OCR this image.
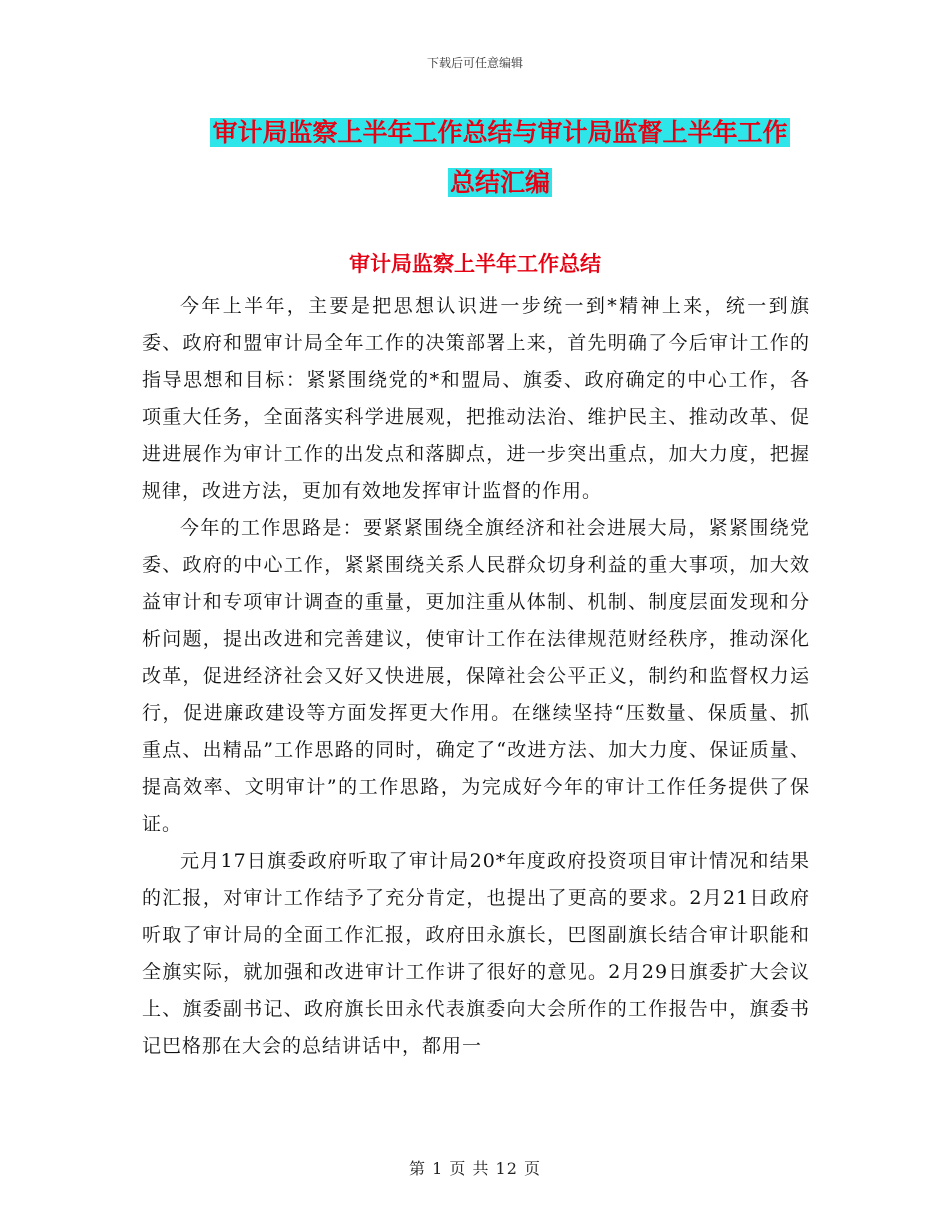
下载后可任意编辑
审计局监察上半年工作总结与审计局监督上半年工作
总结汇编
审计局监察上半年工作总结

今年上半年，主要是把思想认识进一步统一到*精神上来，统一到旗委、政府和盟审计局全年工作的决策部署上来，首先明确了今后审计工作的指导思想和目标：紧紧围绕党的*和盟局、旗委、政府确定的中心工作，各项重大任务，全面落实科学进展观，把推动法治、维护民主、推动改革、促进进展作为审计工作的出发点和落脚点，进一步突出重点，加大力度，把握规律，改进方法，更加有效地发挥审计监督的作用。

今年的工作思路是：要紧紧围绕全旗经济和社会进展大局，紧紧围绕党委、政府的中心工作，紧紧围绕关系人民群众切身利益的重大事项，加大效益审计和专项审计调查的重量，更加注重从体制、机制、制度层面发现和分析问题，提出改进和完善建议，使审计工作在法律规范财经秩序，推动深化改革，促进经济社会又好又快进展，保障社会公平正义，制约和监督权力运行，促进廉政建设等方面发挥更大作用。在继续坚持“压数量、保质量、抓重点、出精品”工作思路的同时，确定了“改进方法、加大力度、保证质量、提高效率、文明审计”的工作思路，为完成好今年的审计工作任务提供了保证。

元月17日旗委政府听取了审计局20*年度政府投资项目审计情况和结果的汇报，对审计工作结予了充分肯定，也提出了更高的要求。2月21日政府听取了审计局的全面工作汇报，政府田永旗长，巴图副旗长结合审计职能和全旗实际，就加强和改进审计工作讲了很好的意见。2月29日旗委扩大会议上、旗委副书记、政府旗长田永代表旗委向大会所作的工作报告中，旗委书记巴格那在大会的总结讲话中，都用一

第 1 页 共 12 页
